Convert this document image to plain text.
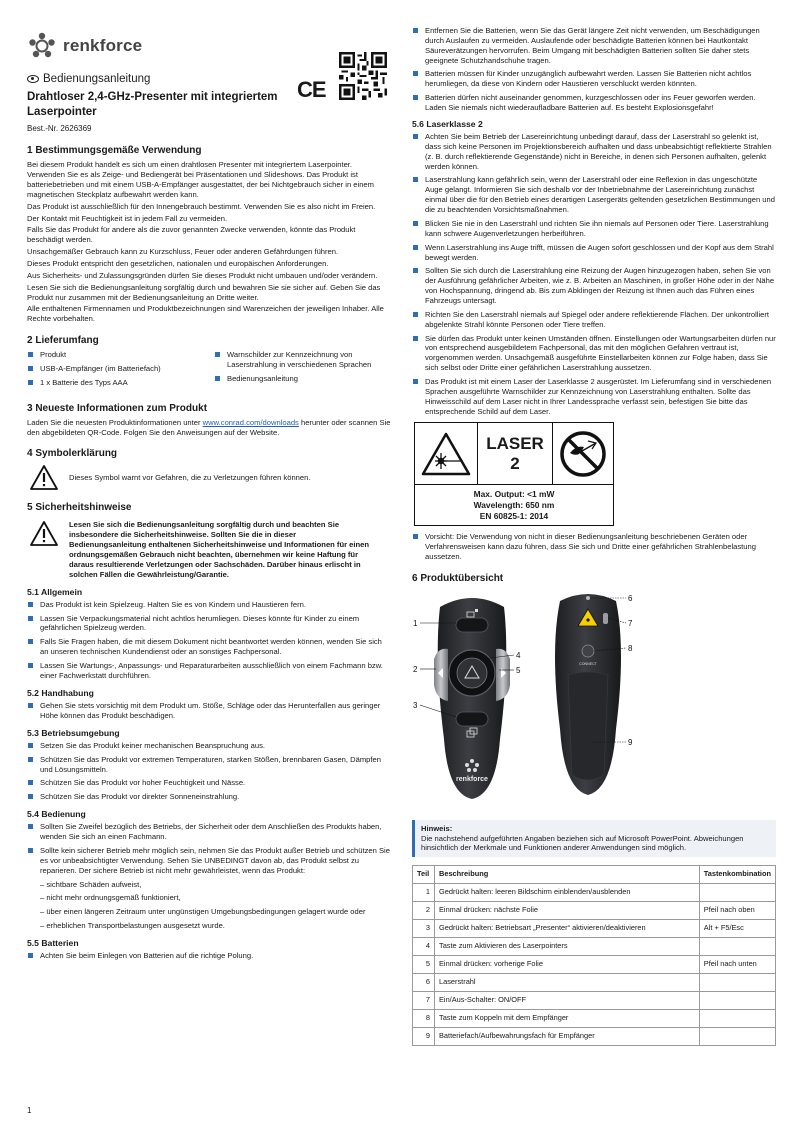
renkforce
Bedienungsanleitung
Drahtloser 2,4-GHz-Presenter mit integriertem Laserpointer
CE
Best.-Nr. 2626369
1 Bestimmungsgemäße Verwendung

Bei diesem Produkt handelt es sich um einen drahtlosen Presenter mit integriertem Laserpointer. Verwenden Sie es als Zeige- und Bediengerät bei Präsentationen und Slideshows. Das Produkt ist batteriebetrieben und mit einem USB-A-Empfänger ausgestattet, der bei Nichtgebrauch sicher in einem magnetischen Steckplatz aufbewahrt werden kann.

Das Produkt ist ausschließlich für den Innengebrauch bestimmt. Verwenden Sie es also nicht im Freien.

Der Kontakt mit Feuchtigkeit ist in jedem Fall zu vermeiden.

Falls Sie das Produkt für andere als die zuvor genannten Zwecke verwenden, könnte das Produkt beschädigt werden.

Unsachgemäßer Gebrauch kann zu Kurzschluss, Feuer oder anderen Gefährdungen führen.

Dieses Produkt entspricht den gesetzlichen, nationalen und europäischen Anforderungen.

Aus Sicherheits- und Zulassungsgründen dürfen Sie dieses Produkt nicht umbauen und/oder verändern.

Lesen Sie sich die Bedienungsanleitung sorgfältig durch und bewahren Sie sie sicher auf. Geben Sie das Produkt nur zusammen mit der Bedienungsanleitung an Dritte weiter.

Alle enthaltenen Firmennamen und Produktbezeichnungen sind Warenzeichen der jeweiligen Inhaber. Alle Rechte vorbehalten.

2 Lieferumfang
Produkt
USB-A-Empfänger (im Batteriefach)
1 x Batterie des Typs AAA
Warnschilder zur Kennzeichnung von Laserstrahlung in verschiedenen Sprachen
Bedienungsanleitung
3 Neueste Informationen zum Produkt

Laden Sie die neuesten Produktinformationen unter www.conrad.com/downloads herunter oder scannen Sie den abgebildeten QR-Code. Folgen Sie den Anweisungen auf der Website.

4 Symbolerklärung
Dieses Symbol warnt vor Gefahren, die zu Verletzungen führen können.
5 Sicherheitshinweise
Lesen Sie sich die Bedienungsanleitung sorgfältig durch und beachten Sie insbesondere die Sicherheitshinweise. Sollten Sie die in dieser Bedienungsanleitung enthaltenen Sicherheitshinweise und Informationen für einen ordnungsgemäßen Gebrauch nicht beachten, übernehmen wir keine Haftung für daraus resultierende Verletzungen oder Sachschäden. Darüber hinaus erlischt in solchen Fällen die Gewährleistung/Garantie.
5.1 Allgemein
Das Produkt ist kein Spielzeug. Halten Sie es von Kindern und Haustieren fern.
Lassen Sie Verpackungsmaterial nicht achtlos herumliegen. Dieses könnte für Kinder zu einem gefährlichen Spielzeug werden.
Falls Sie Fragen haben, die mit diesem Dokument nicht beantwortet werden können, wenden Sie sich an unseren technischen Kundendienst oder an sonstiges Fachpersonal.
Lassen Sie Wartungs-, Anpassungs- und Reparaturarbeiten ausschließlich von einem Fachmann bzw. einer Fachwerkstatt durchführen.
5.2 Handhabung
Gehen Sie stets vorsichtig mit dem Produkt um. Stöße, Schläge oder das Herunterfallen aus geringer Höhe können das Produkt beschädigen.
5.3 Betriebsumgebung
Setzen Sie das Produkt keiner mechanischen Beanspruchung aus.
Schützen Sie das Produkt vor extremen Temperaturen, starken Stößen, brennbaren Gasen, Dämpfen und Lösungsmitteln.
Schützen Sie das Produkt vor hoher Feuchtigkeit und Nässe.
Schützen Sie das Produkt vor direkter Sonneneinstrahlung.
5.4 Bedienung
Sollten Sie Zweifel bezüglich des Betriebs, der Sicherheit oder dem Anschließen des Produkts haben, wenden Sie sich an einen Fachmann.
Sollte kein sicherer Betrieb mehr möglich sein, nehmen Sie das Produkt außer Betrieb und schützen Sie es vor unbeabsichtigter Verwendung. Sehen Sie UNBEDINGT davon ab, das Produkt selbst zu reparieren. Der sichere Betrieb ist nicht mehr gewährleistet, wenn das Produkt:

– sichtbare Schäden aufweist,

– nicht mehr ordnungsgemäß funktioniert,

– über einen längeren Zeitraum unter ungünstigen Umgebungsbedingungen gelagert wurde oder

– erheblichen Transportbelastungen ausgesetzt wurde.

5.5 Batterien
Achten Sie beim Einlegen von Batterien auf die richtige Polung.
Entfernen Sie die Batterien, wenn Sie das Gerät längere Zeit nicht verwenden, um Beschädigungen durch Auslaufen zu vermeiden. Auslaufende oder beschädigte Batterien können bei Hautkontakt Säureverätzungen hervorrufen. Beim Umgang mit beschädigten Batterien sollten Sie daher stets geeignete Schutzhandschuhe tragen.
Batterien müssen für Kinder unzugänglich aufbewahrt werden. Lassen Sie Batterien nicht achtlos herumliegen, da diese von Kindern oder Haustieren verschluckt werden könnten.
Batterien dürfen nicht auseinander genommen, kurzgeschlossen oder ins Feuer geworfen werden. Laden Sie niemals nicht wiederaufladbare Batterien auf. Es besteht Explosionsgefahr!
5.6 Laserklasse 2
Achten Sie beim Betrieb der Lasereinrichtung unbedingt darauf, dass der Laserstrahl so gelenkt ist, dass sich keine Personen im Projektionsbereich aufhalten und dass unbeabsichtigt reflektierte Strahlen (z. B. durch reflektierende Gegenstände) nicht in Bereiche, in denen sich Personen aufhalten, gelenkt werden können.
Laserstrahlung kann gefährlich sein, wenn der Laserstrahl oder eine Reflexion in das ungeschützte Auge gelangt. Informieren Sie sich deshalb vor der Inbetriebnahme der Lasereinrichtung zunächst einmal über die für den Betrieb eines derartigen Lasergeräts geltenden gesetzlichen Bestimmungen und die zu beachtenden Vorsichtsmaßnahmen.
Blicken Sie nie in den Laserstrahl und richten Sie ihn niemals auf Personen oder Tiere. Laserstrahlung kann schwere Augenverletzungen herbeiführen.
Wenn Laserstrahlung ins Auge trifft, müssen die Augen sofort geschlossen und der Kopf aus dem Strahl bewegt werden.
Sollten Sie sich durch die Laserstrahlung eine Reizung der Augen hinzugezogen haben, sehen Sie von der Ausführung gefährlicher Arbeiten, wie z. B. Arbeiten an Maschinen, in großer Höhe oder in der Nähe von Hochspannung, dringend ab. Bis zum Abklingen der Reizung ist Ihnen auch das Führen eines Fahrzeugs untersagt.
Richten Sie den Laserstrahl niemals auf Spiegel oder andere reflektierende Flächen. Der unkontrolliert abgelenkte Strahl könnte Personen oder Tiere treffen.
Sie dürfen das Produkt unter keinen Umständen öffnen. Einstellungen oder Wartungsarbeiten dürfen nur von entsprechend ausgebildetem Fachpersonal, das mit den möglichen Gefahren vertraut ist, vorgenommen werden. Unsachgemäß ausgeführte Einstellarbeiten können zur Folge haben, dass Sie sich selbst oder Dritte einer gefährlichen Laserstrahlung aussetzen.
Das Produkt ist mit einem Laser der Laserklasse 2 ausgerüstet. Im Lieferumfang sind in verschiedenen Sprachen ausgeführte Warnschilder zur Kennzeichnung von Laserstrahlung enthalten. Sollte das Hinweisschild auf dem Laser nicht in Ihrer Landessprache verfasst sein, befestigen Sie bitte das entsprechende Schild auf dem Laser.
LASER
2
Max. Output: <1 mW
Wavelength: 650 nm
EN 60825-1: 2014
Vorsicht: Die Verwendung von nicht in dieser Bedienungsanleitung beschriebenen Geräten oder Verfahrensweisen kann dazu führen, dass Sie sich und Dritte einer gefährlichen Strahlenbelastung aussetzen.
6 Produktübersicht
renkforce
CONNECT
1
2
3
4
5
6
7
8
9
Hinweis:
Die nachstehend aufgeführten Angaben beziehen sich auf Microsoft PowerPoint. Abweichungen hinsichtlich der Merkmale und Funktionen anderer Anwendungen sind möglich.
Teil	Beschreibung	Tastenkombination
1	Gedrückt halten: leeren Bildschirm einblenden/ausblenden	
2	Einmal drücken: nächste Folie	Pfeil nach oben
3	Gedrückt halten: Betriebsart „Presenter“ aktivieren/deaktivieren	Alt + F5/Esc
4	Taste zum Aktivieren des Laserpointers	
5	Einmal drücken: vorherige Folie	Pfeil nach unten
6	Laserstrahl	
7	Ein/Aus-Schalter: ON/OFF	
8	Taste zum Koppeln mit dem Empfänger	
9	Batteriefach/Aufbewahrungsfach für Empfänger	
1
